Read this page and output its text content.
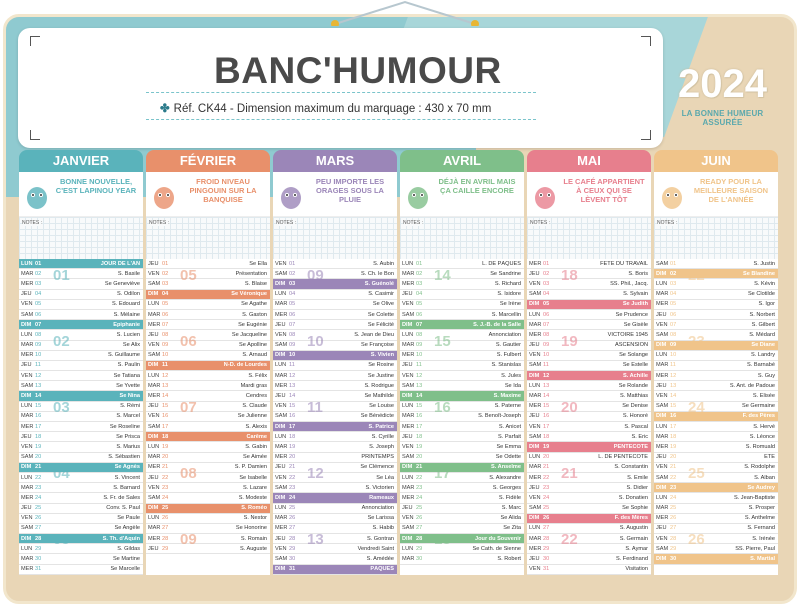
BANC'HUMOUR
✤ Réf. CK44 - Dimension maximum du marquage : 430 x 70 mm
2024
LA BONNE HUMEUR ASSURÉE
JANVIER
BONNE NOUVELLE, C'EST LAPINOU YEAR
NOTES :
LUN 01	JOUR DE L'AN
MAR 02	S. Basile
MER 03	Se Geneviève
JEU 04	S. Odilon
VEN 05	S. Édouard
SAM 06	S. Mélaine
DIM 07	Épiphanie
LUN 08	S. Lucien
MAR 09	Se Alix
MER 10	S. Guillaume
JEU 11	S. Paulin
VEN 12	Se Tatiana
SAM 13	Se Yvette
DIM 14	Se Nina
LUN 15	S. Rémi
MAR 16	S. Marcel
MER 17	Se Roseline
JEU 18	Se Prisca
VEN 19	S. Marius
SAM 20	S. Sébastien
DIM 21	Se Agnès
LUN 22	S. Vincent
MAR 23	S. Barnard
MER 24	S. Fr. de Sales
JEU 25	Conv. S. Paul
VEN 26	Se Paule
SAM 27	Se Angèle
DIM 28	S. Th. d'Aquin
LUN 29	S. Gildas
MAR 30	Se Martine
MER 31	Se Marcelle
01
02
03
04
05
FÉVRIER
FROID NIVEAU PINGOUIN SUR LA BANQUISE
NOTES :
JEU 01	Se Ella
VEN 02	Présentation
SAM 03	S. Blaise
DIM 04	Se Véronique
LUN 05	Se Agathe
MAR 06	S. Gaston
MER 07	Se Eugénie
JEU 08	Se Jacqueline
VEN 09	Se Apolline
SAM 10	S. Arnaud
DIM 11	N-D. de Lourdes
LUN 12	S. Félix
MAR 13	Mardi gras
MER 14	Cendres
JEU 15	S. Claude
VEN 16	Se Julienne
SAM 17	S. Alexis
DIM 18	Carême
LUN 19	S. Gabin
MAR 20	Se Aimée
MER 21	S. P. Damien
JEU 22	Se Isabelle
VEN 23	S. Lazare
SAM 24	S. Modeste
DIM 25	S. Roméo
LUN 26	S. Nestor
MAR 27	Se Honorine
MER 28	S. Romain
JEU 29	S. Auguste
05
06
07
08
09
MARS
PEU IMPORTE LES ORAGES SOUS LA PLUIE
NOTES :
VEN 01	S. Aubin
SAM 02	S. Ch. le Bon
DIM 03	S. Guénolé
LUN 04	S. Casimir
MAR 05	Se Olive
MER 06	Se Colette
JEU 07	Se Félicité
VEN 08	S. Jean de Dieu
SAM 09	Se Françoise
DIM 10	S. Vivien
LUN 11	Se Rosine
MAR 12	Se Justine
MER 13	S. Rodrigue
JEU 14	Se Mathilde
VEN 15	Se Louise
SAM 16	Se Bénédicte
DIM 17	S. Patrice
LUN 18	S. Cyrille
MAR 19	S. Joseph
MER 20	PRINTEMPS
JEU 21	Se Clémence
VEN 22	Se Léa
SAM 23	S. Victorien
DIM 24	Rameaux
LUN 25	Annonciation
MAR 26	Se Larissa
MER 27	S. Habib
JEU 28	S. Gontran
VEN 29	Vendredi Saint
SAM 30	S. Amédée
DIM 31	PÂQUES
09
10
11
12
13
AVRIL
DÉJÀ EN AVRIL MAIS ÇA CAILLE ENCORE
NOTES :
LUN 01	L. DE PÂQUES
MAR 02	Se Sandrine
MER 03	S. Richard
JEU 04	S. Isidore
VEN 05	Se Irène
SAM 06	S. Marcellin
DIM 07	S. J.-B. de la Salle
LUN 08	Annonciation
MAR 09	S. Gautier
MER 10	S. Fulbert
JEU 11	S. Stanislas
VEN 12	S. Jules
SAM 13	Se Ida
DIM 14	S. Maxime
LUN 15	S. Paterne
MAR 16	S. Benoît-Joseph
MER 17	S. Anicet
JEU 18	S. Parfait
VEN 19	Se Emma
SAM 20	Se Odette
DIM 21	S. Anselme
LUN 22	S. Alexandre
MAR 23	S. Georges
MER 24	S. Fidèle
JEU 25	S. Marc
VEN 26	Se Alida
SAM 27	Se Zita
DIM 28	Jour du Souvenir
LUN 29	Se Cath. de Sienne
MAR 30	S. Robert
14
15
16
17
18
MAI
LE CAFÉ APPARTIENT À CEUX QUI SE LÈVENT TÔT
NOTES :
MER 01	FÊTE DU TRAVAIL
JEU 02	S. Boris
VEN 03	SS. Phil., Jacq.
SAM 04	S. Sylvain
DIM 05	Se Judith
LUN 06	Se Prudence
MAR 07	Se Gisèle
MER 08	VICTOIRE 1945
JEU 09	ASCENSION
VEN 10	Se Solange
SAM 11	Se Estelle
DIM 12	S. Achille
LUN 13	Se Rolande
MAR 14	S. Matthias
MER 15	Se Denise
JEU 16	S. Honoré
VEN 17	S. Pascal
SAM 18	S. Éric
DIM 19	PENTECÔTE
LUN 20	L. DE PENTECÔTE
MAR 21	S. Constantin
MER 22	S. Émile
JEU 23	S. Didier
VEN 24	S. Donatien
SAM 25	Se Sophie
DIM 26	F. des Mères
LUN 27	S. Augustin
MAR 28	S. Germain
MER 29	S. Aymar
JEU 30	S. Ferdinand
VEN 31	Visitation
18
19
20
21
22
JUIN
READY POUR LA MEILLEURE SAISON DE L'ANNÉE
NOTES :
SAM 01	S. Justin
DIM 02	Se Blandine
LUN 03	S. Kévin
MAR 04	Se Clotilde
MER 05	S. Igor
JEU 06	S. Norbert
VEN 07	S. Gilbert
SAM 08	S. Médard
DIM 09	Se Diane
LUN 10	S. Landry
MAR 11	S. Barnabé
MER 12	S. Guy
JEU 13	S. Ant. de Padoue
VEN 14	S. Élisée
SAM 15	Se Germaine
DIM 16	F. des Pères
LUN 17	S. Hervé
MAR 18	S. Léonce
MER 19	S. Romuald
JEU 20	ÉTÉ
VEN 21	S. Rodolphe
SAM 22	S. Alban
DIM 23	Se Audrey
LUN 24	S. Jean-Baptiste
MAR 25	S. Prosper
MER 26	S. Anthelme
JEU 27	S. Fernand
VEN 28	S. Irénée
SAM 29	SS. Pierre, Paul
DIM 30	S. Martial
22
23
24
25
26
